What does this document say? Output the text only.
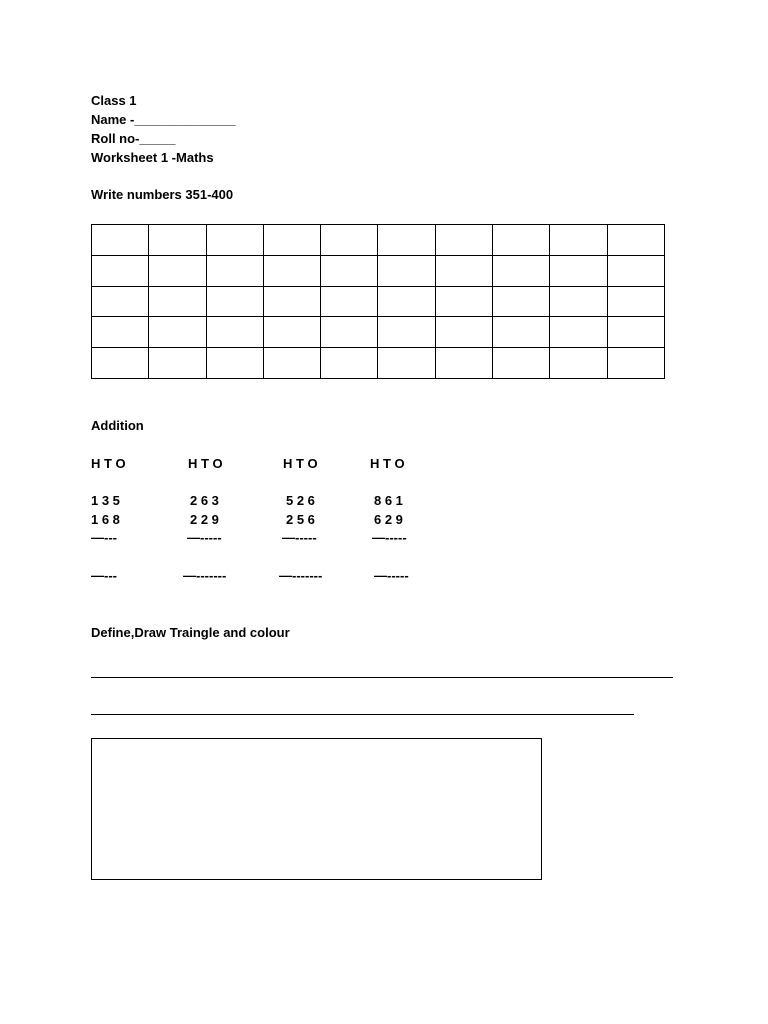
Class 1
Name -______________
Roll no-_____
Worksheet 1 -Maths
Write numbers 351-400

Addition
H T O
1 3 5
1 6 8
—---
—---
H T O
2 6 3
2 2 9
—-----
—-------
H T O
5 2 6
2 5 6
—-----
—-------
H T O
8 6 1
6 2 9
—-----
—-----
Define,Draw Traingle and colour
